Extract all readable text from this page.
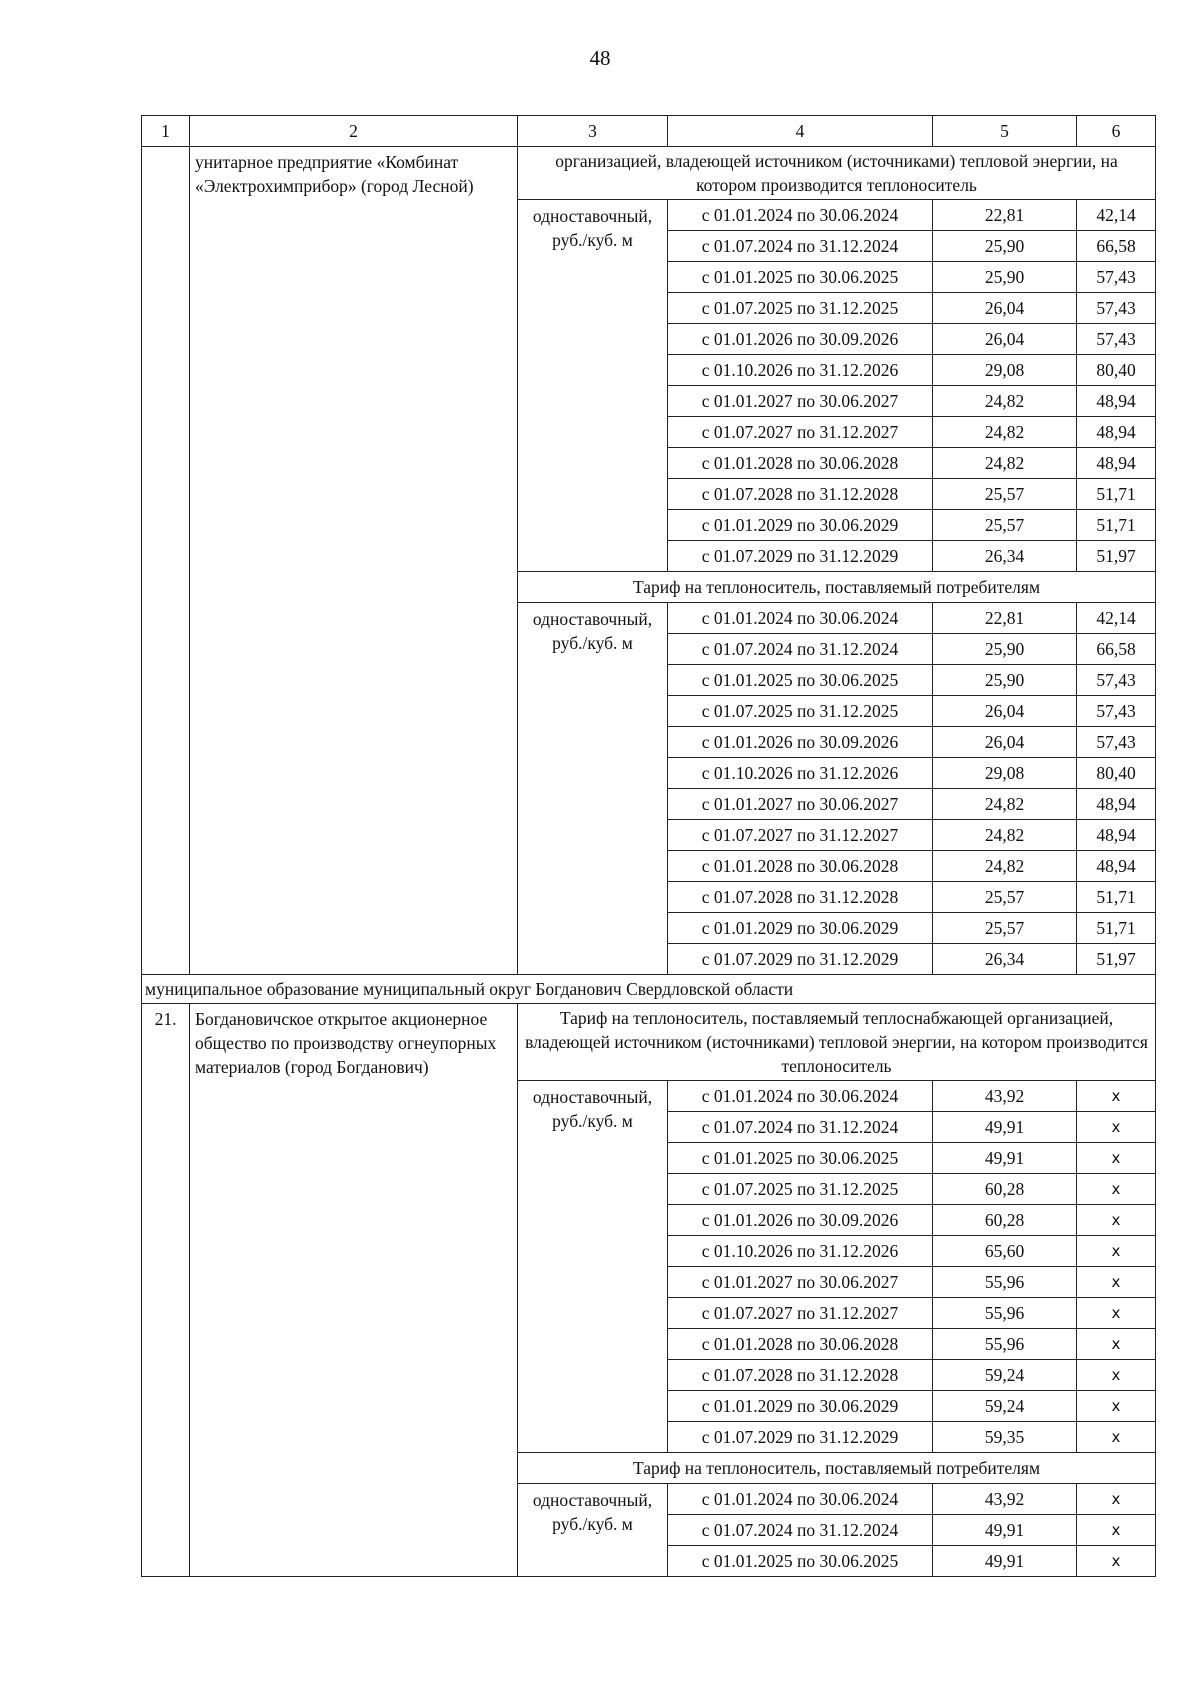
48
1	2	3	4	5	6
	унитарное предприятие «Комбинат «Электрохимприбор» (город Лесной)	организацией, владеющей источником (источниками) тепловой энергии, на котором производится теплоноситель			
		одноставочный, руб./куб. м	с 01.01.2024 по 30.06.2024	22,81	42,14
			с 01.07.2024 по 31.12.2024	25,90	66,58
			с 01.01.2025 по 30.06.2025	25,90	57,43
			с 01.07.2025 по 31.12.2025	26,04	57,43
			с 01.01.2026 по 30.09.2026	26,04	57,43
			с 01.10.2026 по 31.12.2026	29,08	80,40
			с 01.01.2027 по 30.06.2027	24,82	48,94
			с 01.07.2027 по 31.12.2027	24,82	48,94
			с 01.01.2028 по 30.06.2028	24,82	48,94
			с 01.07.2028 по 31.12.2028	25,57	51,71
			с 01.01.2029 по 30.06.2029	25,57	51,71
			с 01.07.2029 по 31.12.2029	26,34	51,97
		Тариф на теплоноситель, поставляемый потребителям			
		одноставочный, руб./куб. м	с 01.01.2024 по 30.06.2024	22,81	42,14
			с 01.07.2024 по 31.12.2024	25,90	66,58
			с 01.01.2025 по 30.06.2025	25,90	57,43
			с 01.07.2025 по 31.12.2025	26,04	57,43
			с 01.01.2026 по 30.09.2026	26,04	57,43
			с 01.10.2026 по 31.12.2026	29,08	80,40
			с 01.01.2027 по 30.06.2027	24,82	48,94
			с 01.07.2027 по 31.12.2027	24,82	48,94
			с 01.01.2028 по 30.06.2028	24,82	48,94
			с 01.07.2028 по 31.12.2028	25,57	51,71
			с 01.01.2029 по 30.06.2029	25,57	51,71
			с 01.07.2029 по 31.12.2029	26,34	51,97
муниципальное образование муниципальный округ Богданович Свердловской области					
21.	Богдановичское открытое акционерное общество по производству огнеупорных материалов (город Богданович)	Тариф на теплоноситель, поставляемый теплоснабжающей организацией, владеющей источником (источниками) тепловой энергии, на котором производится теплоноситель			
		одноставочный, руб./куб. м	с 01.01.2024 по 30.06.2024	43,92	х
			с 01.07.2024 по 31.12.2024	49,91	х
			с 01.01.2025 по 30.06.2025	49,91	х
			с 01.07.2025 по 31.12.2025	60,28	х
			с 01.01.2026 по 30.09.2026	60,28	х
			с 01.10.2026 по 31.12.2026	65,60	х
			с 01.01.2027 по 30.06.2027	55,96	х
			с 01.07.2027 по 31.12.2027	55,96	х
			с 01.01.2028 по 30.06.2028	55,96	х
			с 01.07.2028 по 31.12.2028	59,24	х
			с 01.01.2029 по 30.06.2029	59,24	х
			с 01.07.2029 по 31.12.2029	59,35	х
		Тариф на теплоноситель, поставляемый потребителям			
		одноставочный, руб./куб. м	с 01.01.2024 по 30.06.2024	43,92	х
			с 01.07.2024 по 31.12.2024	49,91	х
			с 01.01.2025 по 30.06.2025	49,91	х
